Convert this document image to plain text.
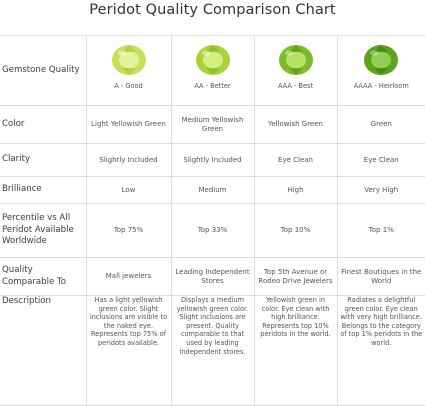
Peridot Quality Comparison Chart
Gemstone Quality	A - Good	AA - Better	AAA - Best	AAAA - Heirloom

Color	Light Yellowish Green	Medium Yellowish Green	Yellowish Green	Green
Clarity	Slightly Included	Slightly Included	Eye Clean	Eye Clean
Brilliance	Low	Medium	High	Very High
Percentile vs All Peridot Available Worldwide	Top 75%	Top 33%	Top 10%	Top 1%
Quality Comparable To	Mall jewelers	Leading Independent Stores	Top 5th Avenue or Rodeo Drive Jewelers	Finest Boutiques in the World
Description	Has a light yellowish green color. Slight inclusions are visible to the naked eye. Represents top 75% of peridots available.	Displays a medium yellowish green color. Slight inclusions are present. Quality comparable to that used by leading independent stores.	Yellowish green in color. Eye clean with high brilliance. Represents top 10% peridots in the world.	Radiates a delightful green color. Eye clean with very high brilliance. Belongs to the category of top 1% peridots in the world.
